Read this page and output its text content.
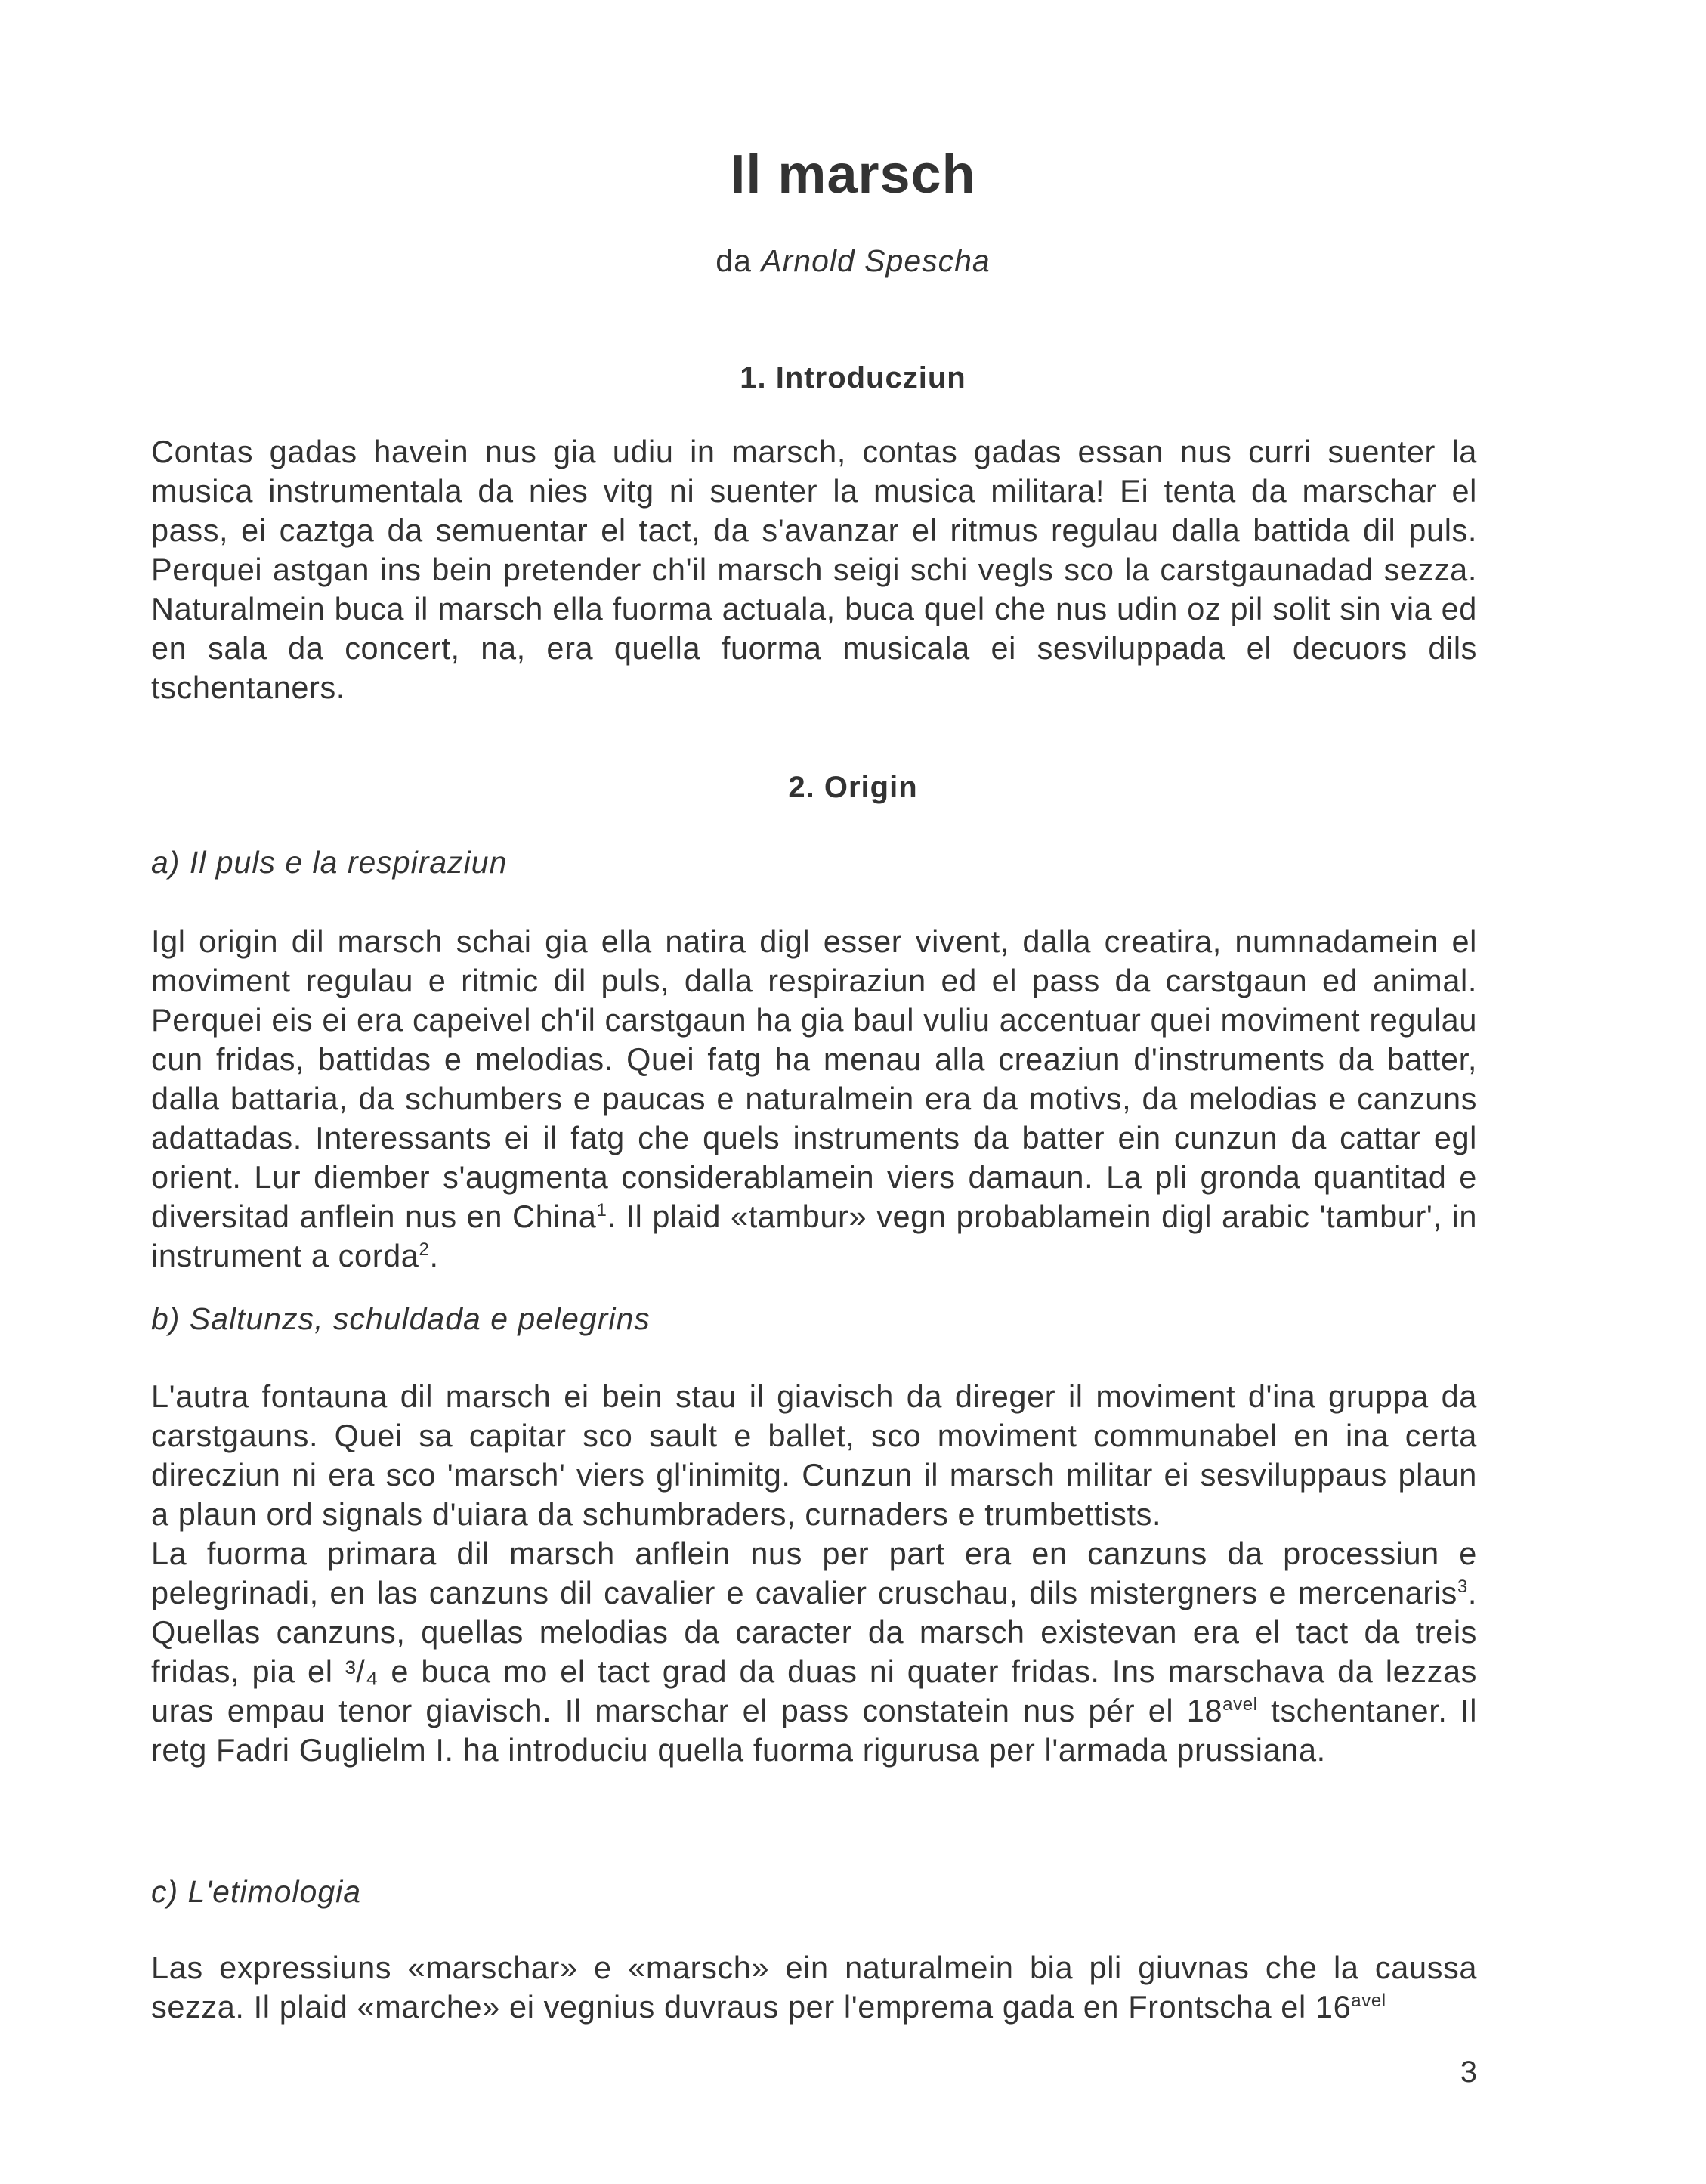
Il marsch
da Arnold Spescha
1. Introducziun

Contas gadas havein nus gia udiu in marsch, contas gadas essan nus curri suenter la musica instrumentala da nies vitg ni suenter la musica militara! Ei tenta da marschar el pass, ei caztga da semuentar el tact, da s'avanzar el ritmus regulau dalla battida dil puls. Perquei astgan ins bein pretender ch'il marsch seigi schi vegls sco la carstgaunadad sezza. Naturalmein buca il marsch ella fuorma actuala, buca quel che nus udin oz pil solit sin via ed en sala da concert, na, era quella fuorma musicala ei sesviluppada el decuors dils tschentaners.

2. Origin
a) Il puls e la respiraziun

Igl origin dil marsch schai gia ella natira digl esser vivent, dalla creatira, numnadamein el moviment regulau e ritmic dil puls, dalla respiraziun ed el pass da carstgaun ed animal. Perquei eis ei era capeivel ch'il carstgaun ha gia baul vuliu accentuar quei moviment regulau cun fridas, battidas e melodias. Quei fatg ha menau alla creaziun d'instruments da batter, dalla battaria, da schumbers e paucas e naturalmein era da motivs, da melodias e canzuns adattadas. Interessants ei il fatg che quels instruments da batter ein cunzun da cattar egl orient. Lur diember s'augmenta considerablamein viers damaun. La pli gronda quantitad e diversitad anflein nus en China$^1$. Il plaid «tambur» vegn probablamein digl arabic 'tambur', in instrument a corda$^2$.

b) Saltunzs, schuldada e pelegrins

L'autra fontauna dil marsch ei bein stau il giavisch da direger il moviment d'ina gruppa da carstgauns. Quei sa capitar sco sault e ballet, sco moviment communabel en ina certa direcziun ni era sco 'marsch' viers gl'inimitg. Cunzun il marsch militar ei sesviluppaus plaun a plaun ord signals d'uiara da schumbraders, curnaders e trumbettists.

La fuorma primara dil marsch anflein nus per part era en canzuns da processiun e pelegrinadi, en las canzuns dil cavalier e cavalier cruschau, dils mistergners e mercenaris$^3$. Quellas canzuns, quellas melodias da caracter da marsch existevan era el tact da treis fridas, pia el ³/₄ e buca mo el tact grad da duas ni quater fridas. Ins marschava da lezzas uras empau tenor giavisch. Il marschar el pass constatein nus pér el $18^{avel}$ tschentaner. Il retg Fadri Guglielm I. ha introduciu quella fuorma rigurusa per l'armada prussiana.

c) L'etimologia

Las expressiuns «marschar» e «marsch» ein naturalmein bia pli giuvnas che la caussa sezza. Il plaid «marche» ei vegnius duvraus per l'emprema gada en Frontscha el $16^{avel}$

3
